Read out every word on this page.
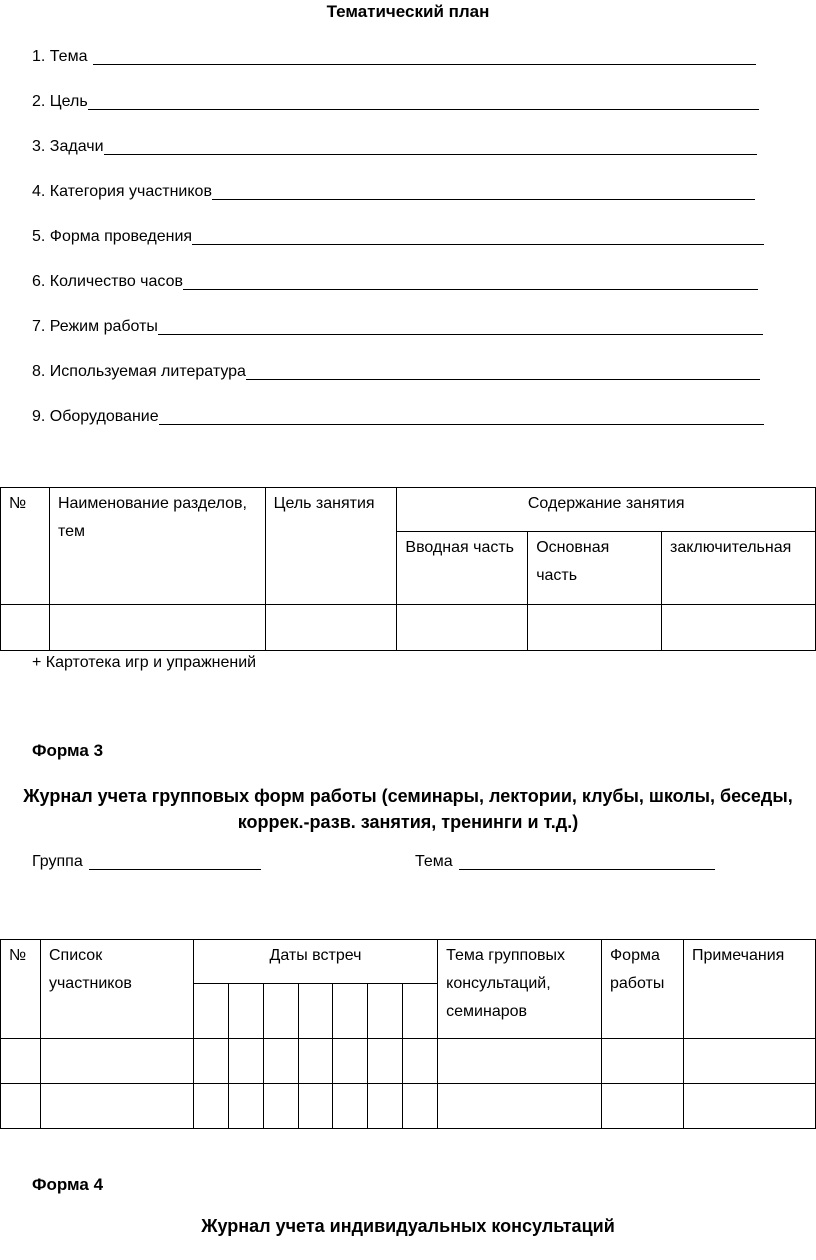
Тематический план
1. Тема
2. Цель
3. Задачи
4. Категория участников
5. Форма проведения
6. Количество часов
7. Режим работы
8. Используемая литература
9. Оборудование
№	Наименование разделов, тем	Цель занятия	Содержание занятия		

			Вводная часть	Основная часть	заключительная

+ Картотека игр и упражнений
Форма 3
Журнал учета групповых форм работы (семинары, лектории, клубы, школы, беседы, коррек.-разв. занятия, тренинги и т.д.)
Группа	Тема
№	Список участников	Даты встреч							Тема групповых консультаций, семинаров	Форма работы	Примечания

Форма 4
Журнал учета индивидуальных консультаций
